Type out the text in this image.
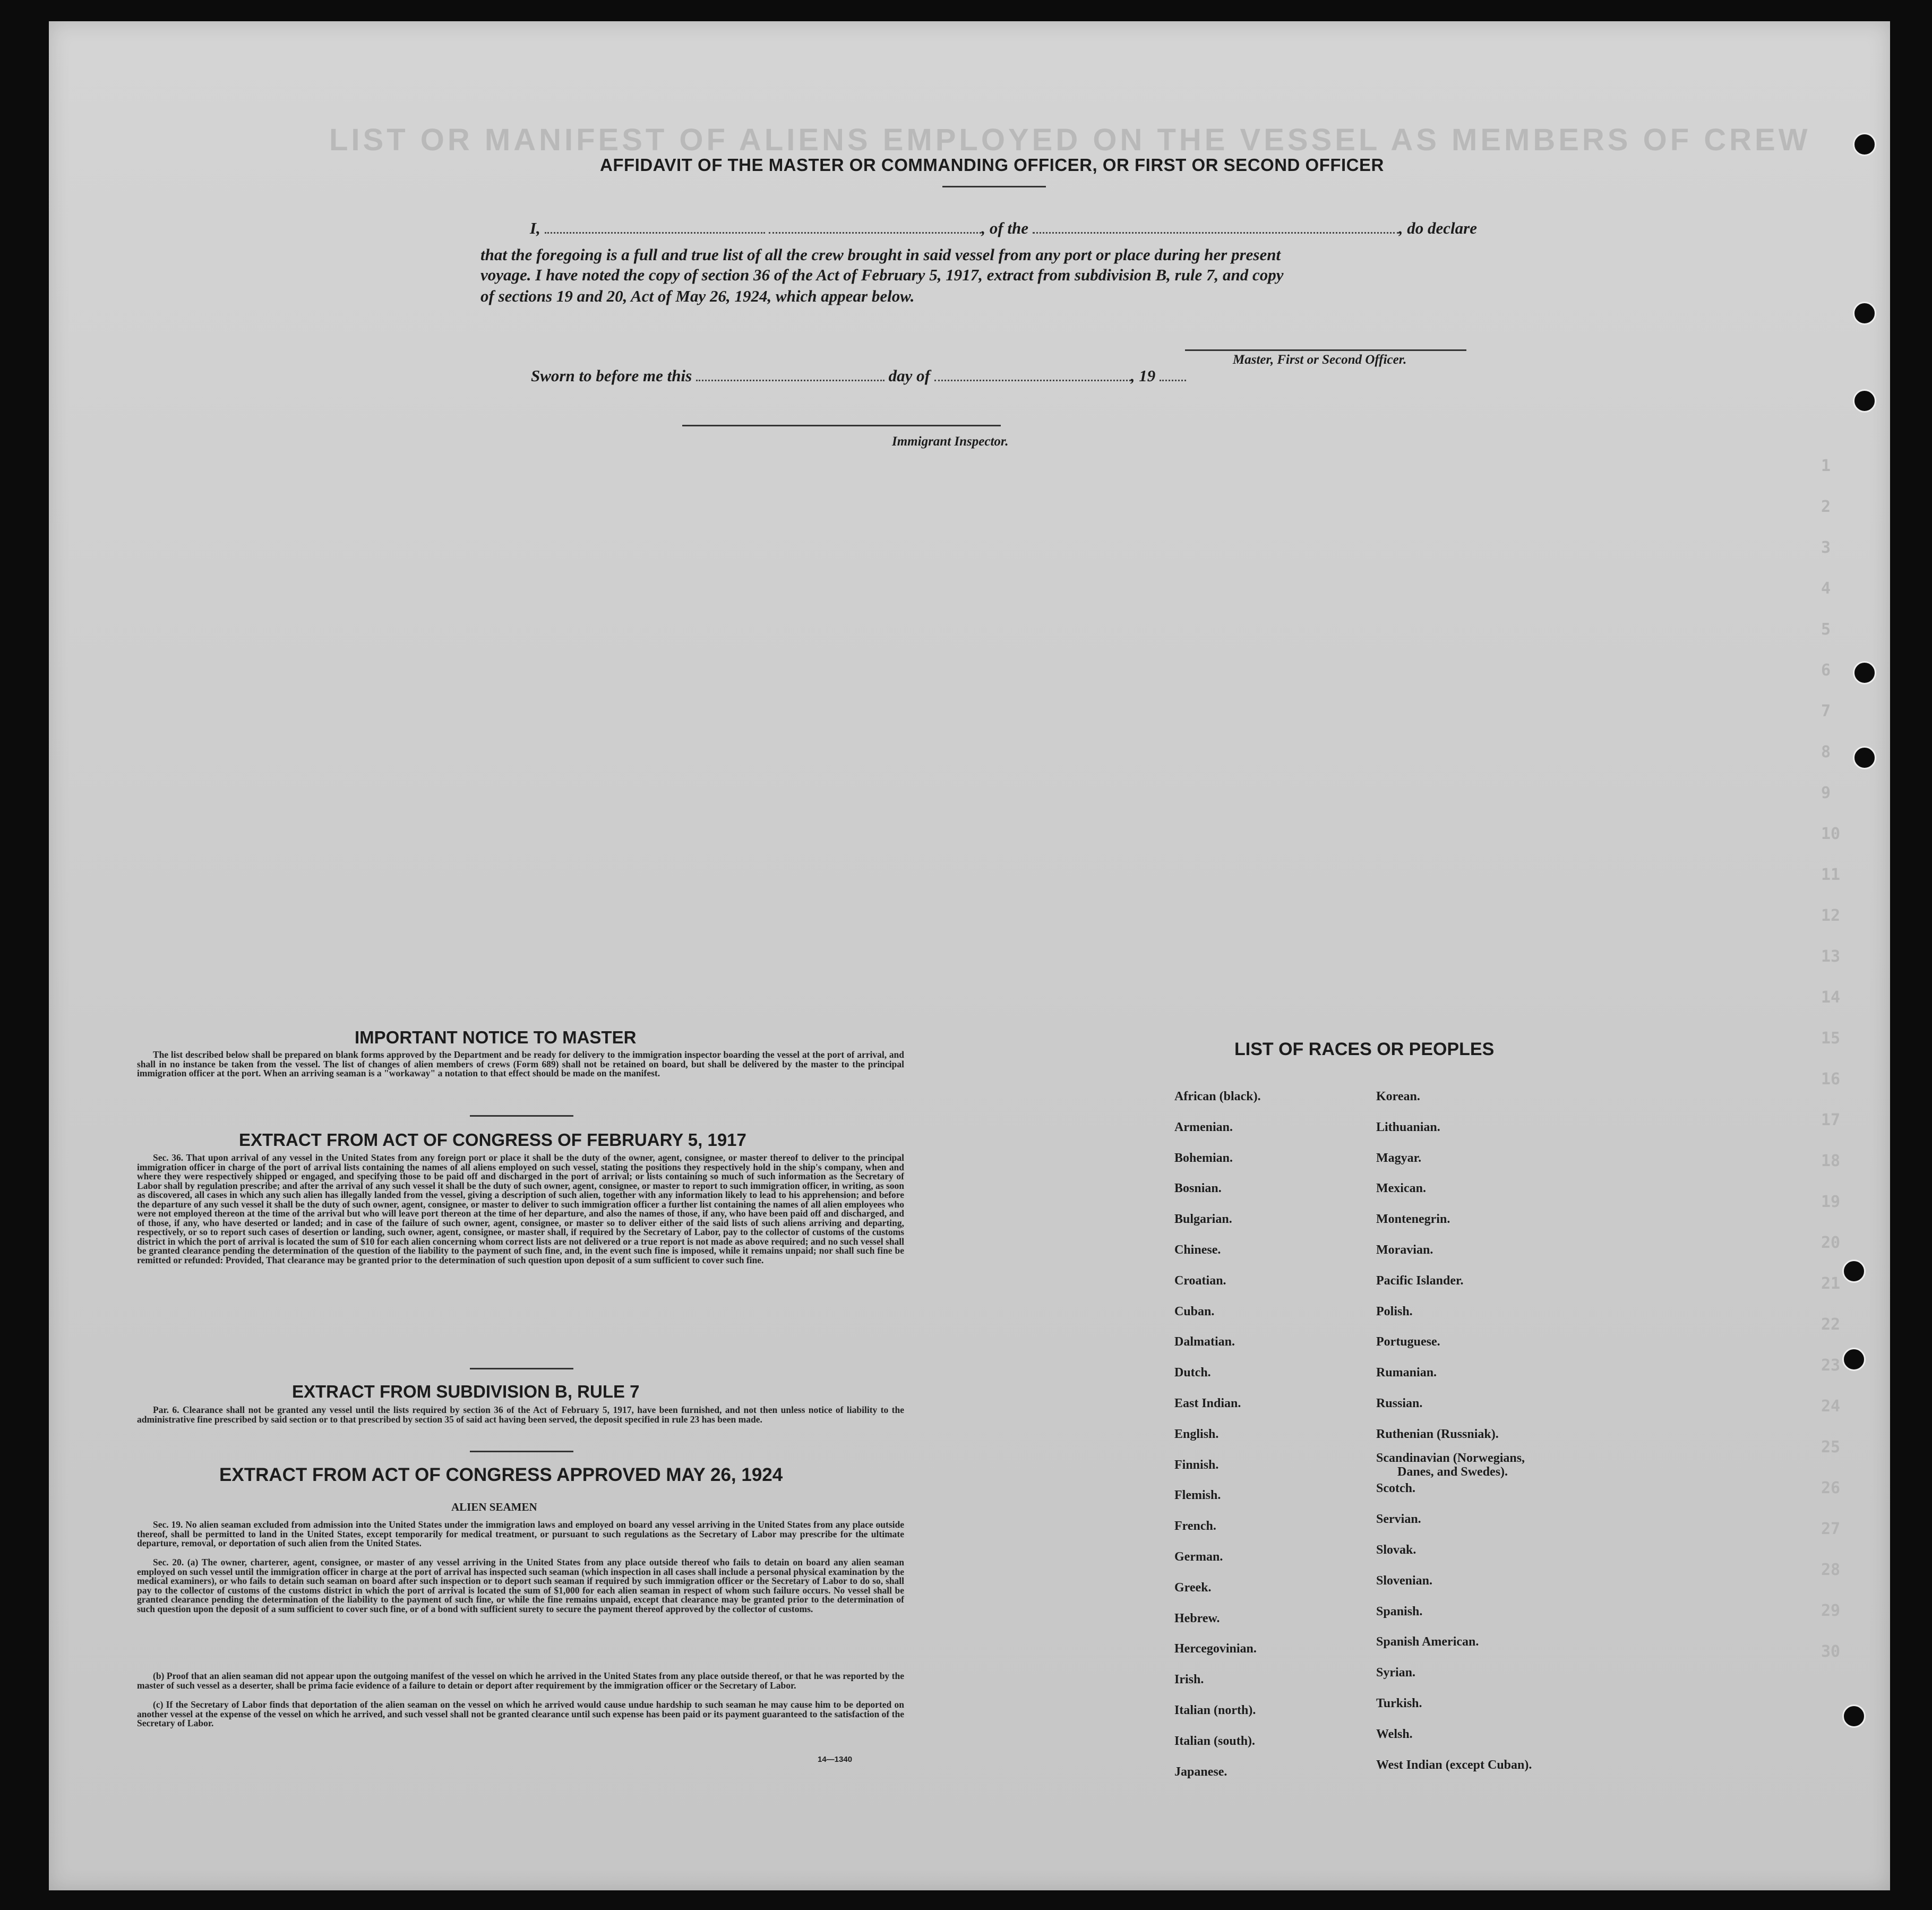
LIST OR MANIFEST OF ALIENS EMPLOYED ON THE VESSEL AS MEMBERS OF CREW
1
2
3
4
5
6
7
8
9
10
11
12
13
14
15
16
17
18
19
20
21
22
23
24
25
26
27
28
29
30
AFFIDAVIT OF THE MASTER OR COMMANDING OFFICER, OR FIRST OR SECOND OFFICER
I,	, of the	, do declare
that the foregoing is a full and true list of all the crew brought in said vessel from any port or place during her present
voyage. I have noted the copy of section 36 of the Act of February 5, 1917, extract from subdivision B, rule 7, and copy
of sections 19 and 20, Act of May 26, 1924, which appear below.
Master, First or Second Officer.
Sworn to before me this	day of	, 19
Immigrant Inspector.
IMPORTANT NOTICE TO MASTER
The list described below shall be prepared on blank forms approved by the Department and be ready for delivery to the immigration inspector boarding the vessel at the port of arrival, and shall in no instance be taken from the vessel. The list of changes of alien members of crews (Form 689) shall not be retained on board, but shall be delivered by the master to the principal immigration officer at the port. When an arriving seaman is a "workaway" a notation to that effect should be made on the manifest.
EXTRACT FROM ACT OF CONGRESS OF FEBRUARY 5, 1917
Sec. 36. That upon arrival of any vessel in the United States from any foreign port or place it shall be the duty of the owner, agent, consignee, or master thereof to deliver to the principal immigration officer in charge of the port of arrival lists containing the names of all aliens employed on such vessel, stating the positions they respectively hold in the ship's company, when and where they were respectively shipped or engaged, and specifying those to be paid off and discharged in the port of arrival; or lists containing so much of such information as the Secretary of Labor shall by regulation prescribe; and after the arrival of any such vessel it shall be the duty of such owner, agent, consignee, or master to report to such immigration officer, in writing, as soon as discovered, all cases in which any such alien has illegally landed from the vessel, giving a description of such alien, together with any information likely to lead to his apprehension; and before the departure of any such vessel it shall be the duty of such owner, agent, consignee, or master to deliver to such immigration officer a further list containing the names of all alien employees who were not employed thereon at the time of the arrival but who will leave port thereon at the time of her departure, and also the names of those, if any, who have been paid off and discharged, and of those, if any, who have deserted or landed; and in case of the failure of such owner, agent, consignee, or master so to deliver either of the said lists of such aliens arriving and departing, respectively, or so to report such cases of desertion or landing, such owner, agent, consignee, or master shall, if required by the Secretary of Labor, pay to the collector of customs of the customs district in which the port of arrival is located the sum of $10 for each alien concerning whom correct lists are not delivered or a true report is not made as above required; and no such vessel shall be granted clearance pending the determination of the question of the liability to the payment of such fine, and, in the event such fine is imposed, while it remains unpaid; nor shall such fine be remitted or refunded: Provided, That clearance may be granted prior to the determination of such question upon deposit of a sum sufficient to cover such fine.
EXTRACT FROM SUBDIVISION B, RULE 7
Par. 6. Clearance shall not be granted any vessel until the lists required by section 36 of the Act of February 5, 1917, have been furnished, and not then unless notice of liability to the administrative fine prescribed by said section or to that prescribed by section 35 of said act having been served, the deposit specified in rule 23 has been made.
EXTRACT FROM ACT OF CONGRESS APPROVED MAY 26, 1924
ALIEN SEAMEN
Sec. 19. No alien seaman excluded from admission into the United States under the immigration laws and employed on board any vessel arriving in the United States from any place outside thereof, shall be permitted to land in the United States, except temporarily for medical treatment, or pursuant to such regulations as the Secretary of Labor may prescribe for the ultimate departure, removal, or deportation of such alien from the United States.
Sec. 20. (a) The owner, charterer, agent, consignee, or master of any vessel arriving in the United States from any place outside thereof who fails to detain on board any alien seaman employed on such vessel until the immigration officer in charge at the port of arrival has inspected such seaman (which inspection in all cases shall include a personal physical examination by the medical examiners), or who fails to detain such seaman on board after such inspection or to deport such seaman if required by such immigration officer or the Secretary of Labor to do so, shall pay to the collector of customs of the customs district in which the port of arrival is located the sum of $1,000 for each alien seaman in respect of whom such failure occurs. No vessel shall be granted clearance pending the determination of the liability to the payment of such fine, or while the fine remains unpaid, except that clearance may be granted prior to the determination of such question upon the deposit of a sum sufficient to cover such fine, or of a bond with sufficient surety to secure the payment thereof approved by the collector of customs.
(b) Proof that an alien seaman did not appear upon the outgoing manifest of the vessel on which he arrived in the United States from any place outside thereof, or that he was reported by the master of such vessel as a deserter, shall be prima facie evidence of a failure to detain or deport after requirement by the immigration officer or the Secretary of Labor.
(c) If the Secretary of Labor finds that deportation of the alien seaman on the vessel on which he arrived would cause undue hardship to such seaman he may cause him to be deported on another vessel at the expense of the vessel on which he arrived, and such vessel shall not be granted clearance until such expense has been paid or its payment guaranteed to the satisfaction of the Secretary of Labor.
14—1340
LIST OF RACES OR PEOPLES
African (black).
Armenian.
Bohemian.
Bosnian.
Bulgarian.
Chinese.
Croatian.
Cuban.
Dalmatian.
Dutch.
East Indian.
English.
Finnish.
Flemish.
French.
German.
Greek.
Hebrew.
Hercegovinian.
Irish.
Italian (north).
Italian (south).
Japanese.
Korean.
Lithuanian.
Magyar.
Mexican.
Montenegrin.
Moravian.
Pacific Islander.
Polish.
Portuguese.
Rumanian.
Russian.
Ruthenian (Russniak).
Scandinavian (Norwegians,
Danes, and Swedes).
Scotch.
Servian.
Slovak.
Slovenian.
Spanish.
Spanish American.
Syrian.
Turkish.
Welsh.
West Indian (except Cuban).
